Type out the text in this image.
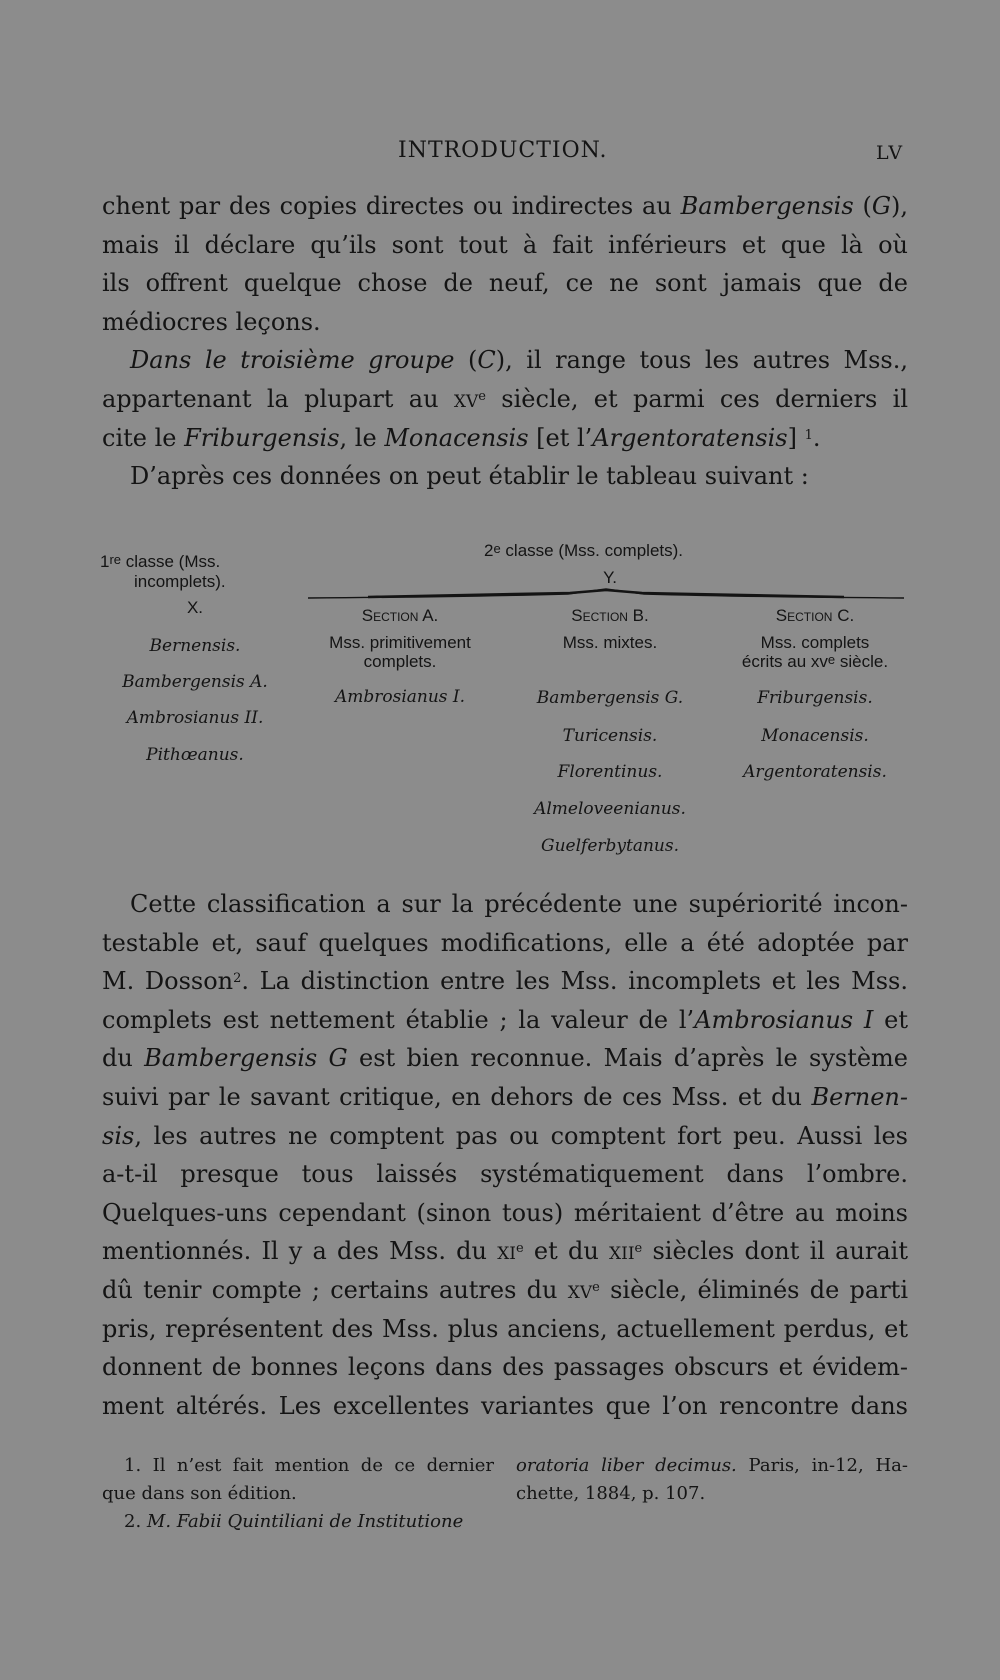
INTRODUCTION.	LV
chent par des copies directes ou indirectes au Bambergensis (G),
mais il déclare qu’ils sont tout à fait inférieurs et que là où
ils offrent quelque chose de neuf, ce ne sont jamais que de
médiocres leçons.
Dans le troisième groupe (C), il range tous les autres Mss.,
appartenant la plupart au $xv^e$ siècle, et parmi ces derniers il
cite le Friburgensis, le Monacensis [et l’Argentoratensis] $^1$.
D’après ces données on peut établir le tableau suivant :
1re classe (Mss.
incomplets).
X.
Bernensis.
Bambergensis A.
Ambrosianus II.
Pithœanus.
2e classe (Mss. complets).
Y.
Section A.
Mss. primitivement
complets.
Ambrosianus I.
Section B.
Mss. mixtes.
Bambergensis G.
Turicensis.
Florentinus.
Almeloveenianus.
Guelferbytanus.
Section C.
Mss. complets
écrits au $xv^e$ siècle.
Friburgensis.
Monacensis.
Argentoratensis.
Cette classification a sur la précédente une supériorité incon-
testable et, sauf quelques modifications, elle a été adoptée par
M. Dosson$^2$. La distinction entre les Mss. incomplets et les Mss.
complets est nettement établie ; la valeur de l’Ambrosianus I et
du Bambergensis G est bien reconnue. Mais d’après le système
suivi par le savant critique, en dehors de ces Mss. et du Bernen-
sis, les autres ne comptent pas ou comptent fort peu. Aussi les
a-t-il presque tous laissés systématiquement dans l’ombre.
Quelques-uns cependant (sinon tous) méritaient d’être au moins
mentionnés. Il y a des Mss. du $xi^e$ et du xii$^e$ siècles dont il aurait
dû tenir compte ; certains autres du $xv^e$ siècle, éliminés de parti
pris, représentent des Mss. plus anciens, actuellement perdus, et
donnent de bonnes leçons dans des passages obscurs et évidem-
ment altérés. Les excellentes variantes que l’on rencontre dans
1. Il n’est fait mention de ce dernier
que dans son édition.
2. M. Fabii Quintiliani de Institutione
oratoria liber decimus. Paris, in-12, Ha-
chette, 1884, p. 107.
